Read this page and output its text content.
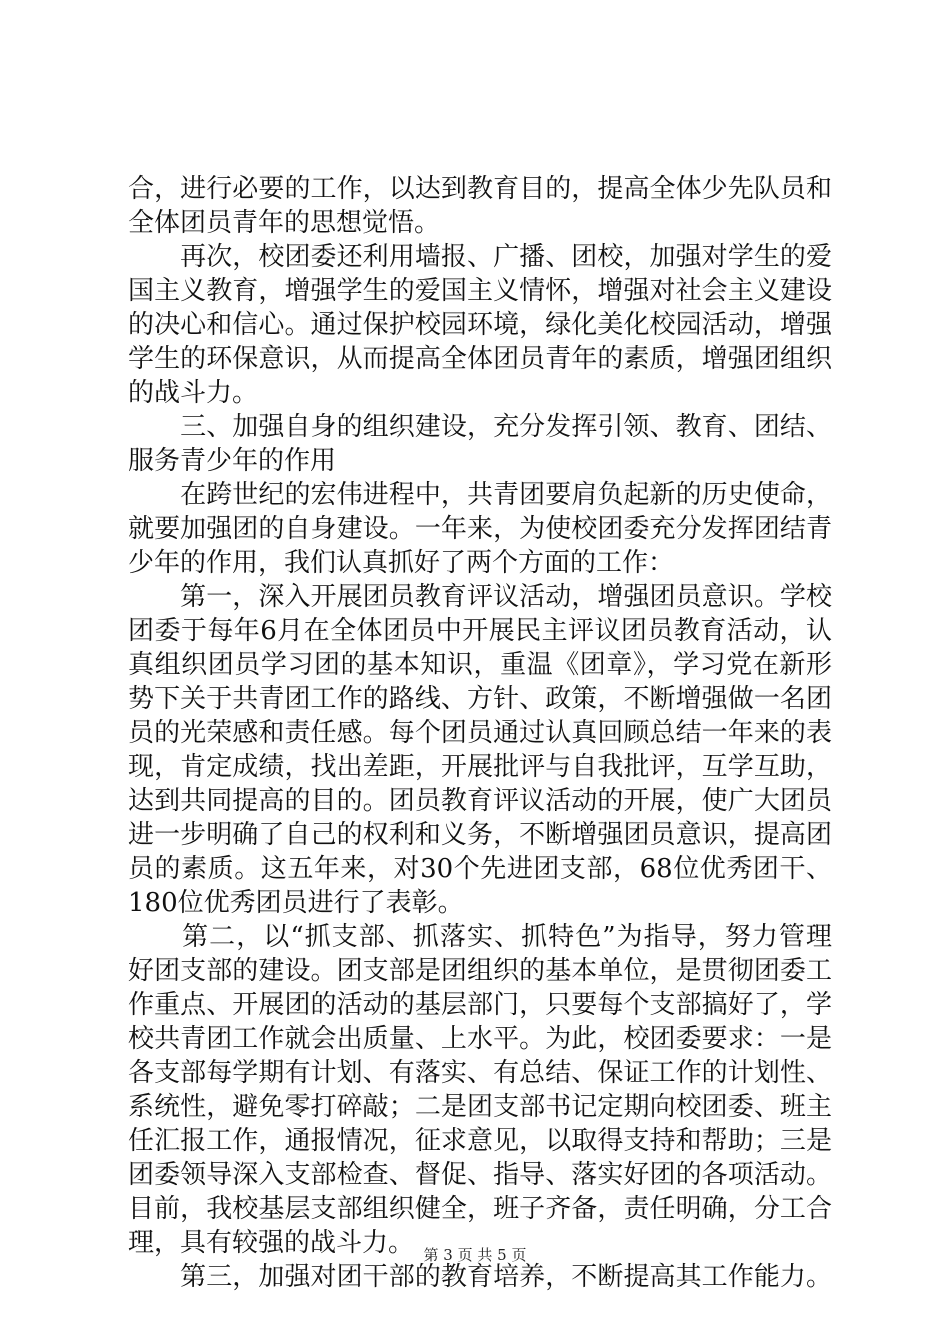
合，进行必要的工作，以达到教育目的，提高全体少先队员和
全体团员青年的思想觉悟。
　　再次，校团委还利用墙报、广播、团校，加强对学生的爱
国主义教育，增强学生的爱国主义情怀，增强对社会主义建设
的决心和信心。通过保护校园环境，绿化美化校园活动，增强
学生的环保意识，从而提高全体团员青年的素质，增强团组织
的战斗力。
　　三、加强自身的组织建设，充分发挥引领、教育、团结、
服务青少年的作用
　　在跨世纪的宏伟进程中，共青团要肩负起新的历史使命，
就要加强团的自身建设。一年来，为使校团委充分发挥团结青
少年的作用，我们认真抓好了两个方面的工作：
　　第一，深入开展团员教育评议活动，增强团员意识。学校
团委于每年6月在全体团员中开展民主评议团员教育活动，认
真组织团员学习团的基本知识，重温《团章》，学习党在新形
势下关于共青团工作的路线、方针、政策，不断增强做一名团
员的光荣感和责任感。每个团员通过认真回顾总结一年来的表
现，肯定成绩，找出差距，开展批评与自我批评，互学互助，
达到共同提高的目的。团员教育评议活动的开展，使广大团员
进一步明确了自己的权利和义务，不断增强团员意识，提高团
员的素质。这五年来，对30个先进团支部，68位优秀团干、
180位优秀团员进行了表彰。
　　第二，以“抓支部、抓落实、抓特色”为指导，努力管理
好团支部的建设。团支部是团组织的基本单位，是贯彻团委工
作重点、开展团的活动的基层部门，只要每个支部搞好了，学
校共青团工作就会出质量、上水平。为此，校团委要求：一是
各支部每学期有计划、有落实、有总结、保证工作的计划性、
系统性，避免零打碎敲；二是团支部书记定期向校团委、班主
任汇报工作，通报情况，征求意见，以取得支持和帮助；三是
团委领导深入支部检查、督促、指导、落实好团的各项活动。
目前，我校基层支部组织健全，班子齐备，责任明确，分工合
理，具有较强的战斗力。
　　第三，加强对团干部的教育培养，不断提高其工作能力。
第 3 页 共 5 页
